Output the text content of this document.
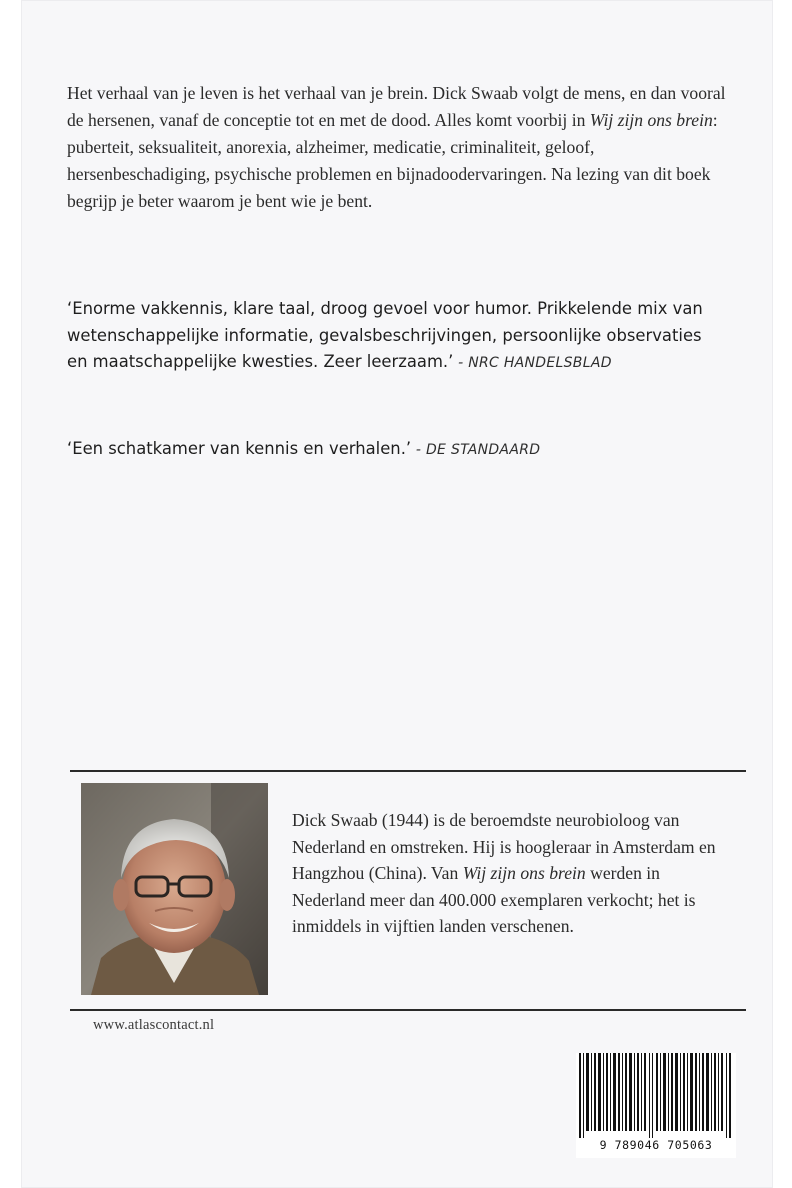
Het verhaal van je leven is het verhaal van je brein. Dick Swaab volgt de mens, en dan vooral de hersenen, vanaf de conceptie tot en met de dood. Alles komt voorbij in Wij zijn ons brein: puberteit, seksualiteit, anorexia, alzheimer, medicatie, criminaliteit, geloof, hersenbeschadiging, psychische problemen en bijnadoodervaringen. Na lezing van dit boek begrijp je beter waarom je bent wie je bent.

‘Enorme vakkennis, klare taal, droog gevoel voor humor. Prikkelende mix van wetenschappelijke informatie, gevalsbeschrijvingen, persoonlijke observaties en maatschappelijke kwesties. Zeer leerzaam.’ - NRC HANDELSBLAD

‘Een schatkamer van kennis en verhalen.’ - DE STANDAARD

Dick Swaab (1944) is de beroemdste neurobioloog van Nederland en omstreken. Hij is hoogleraar in Amsterdam en Hangzhou (China). Van Wij zijn ons brein werden in Nederland meer dan 400.000 exemplaren verkocht; het is inmiddels in vijftien landen verschenen.

www.atlascontact.nl
9 789046 705063
